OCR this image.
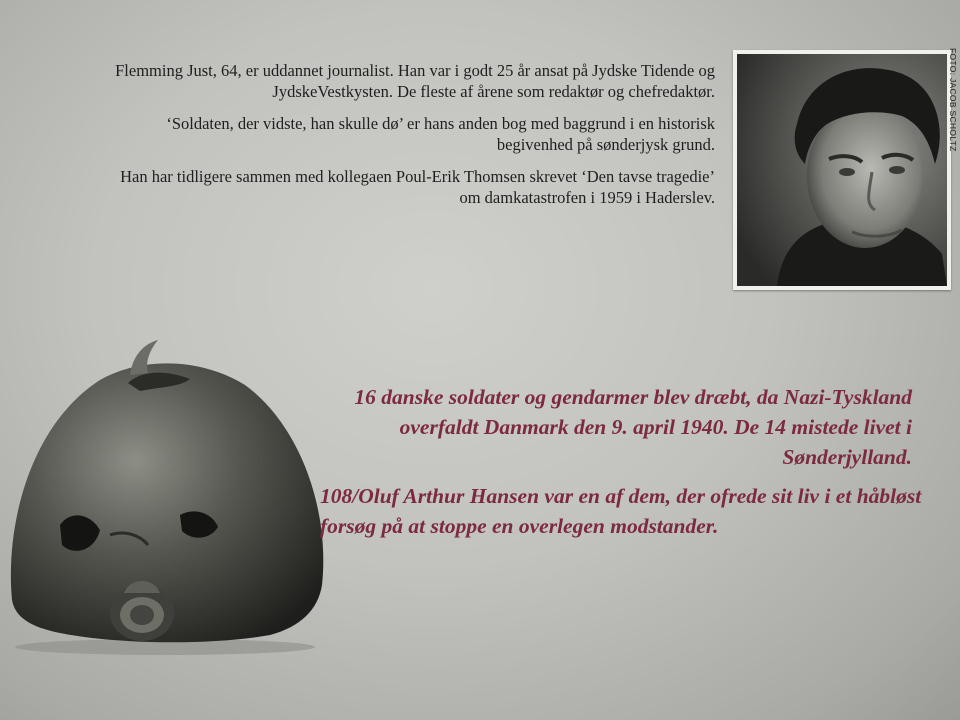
Flemming Just, 64, er uddannet journalist. Han var i godt 25 år ansat på Jydske Tidende og JydskeVestkysten. De fleste af årene som redaktør og chefredaktør.

‘Soldaten, der vidste, han skulle dø’ er hans anden bog med baggrund i en historisk begivenhed på sønderjysk grund.

Han har tidligere sammen med kollegaen Poul-Erik Thomsen skrevet ‘Den tavse tragedie’ om damkatastrofen i 1959 i Haderslev.

FOTO: JACOB SCHOLTZ

16 danske soldater og gendarmer blev dræbt, da Nazi-Tyskland overfaldt Danmark den 9. april 1940. De 14 mistede livet i Sønderjylland.

108/Oluf Arthur Hansen var en af dem, der ofrede sit liv i et håbløst forsøg på at stoppe en overlegen modstander.
